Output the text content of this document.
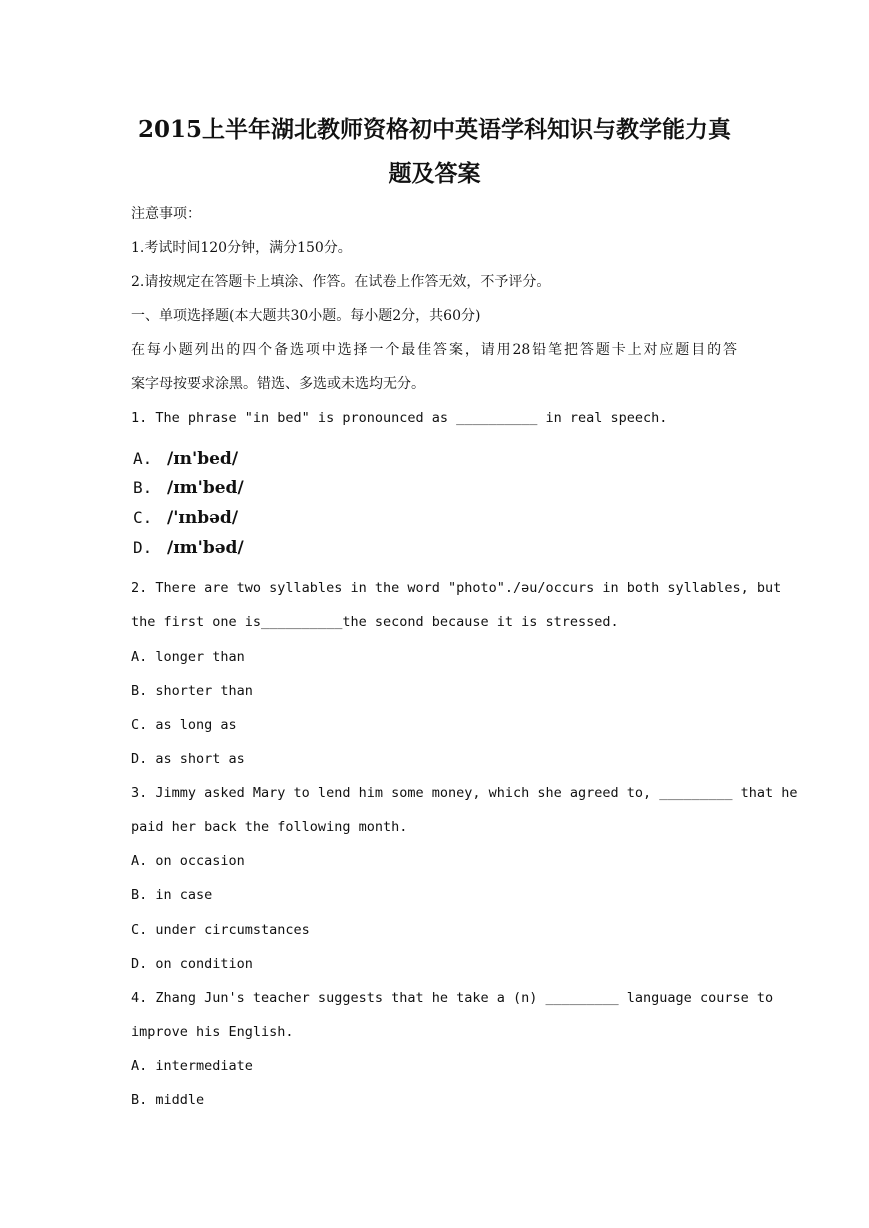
2015上半年湖北教师资格初中英语学科知识与教学能力真
题及答案
注意事项：
1.考试时间120分钟，满分150分。
2.请按规定在答题卡上填涂、作答。在试卷上作答无效，不予评分。
一、单项选择题(本大题共30小题。每小题2分，共60分)
在每小题列出的四个备选项中选择一个最佳答案，请用28铅笔把答题卡上对应题目的答
案字母按要求涂黑。错选、多选或未选均无分。
1. The phrase "in bed" is pronounced as __________ in real speech.
A. /ɪn'bed/
B. /ɪm'bed/
C. /'ɪnbəd/
D. /ɪm'bəd/
2. There are two syllables in the word "photo"./əu/occurs in both syllables, but
the first one is__________the second because it is stressed.
A. longer than
B. shorter than
C. as long as
D. as short as
3. Jimmy asked Mary to lend him some money, which she agreed to, _________ that he
paid her back the following month.
A. on occasion
B. in case
C. under circumstances
D. on condition
4. Zhang Jun's teacher suggests that he take a (n) _________ language course to
improve his English.
A. intermediate
B. middle
